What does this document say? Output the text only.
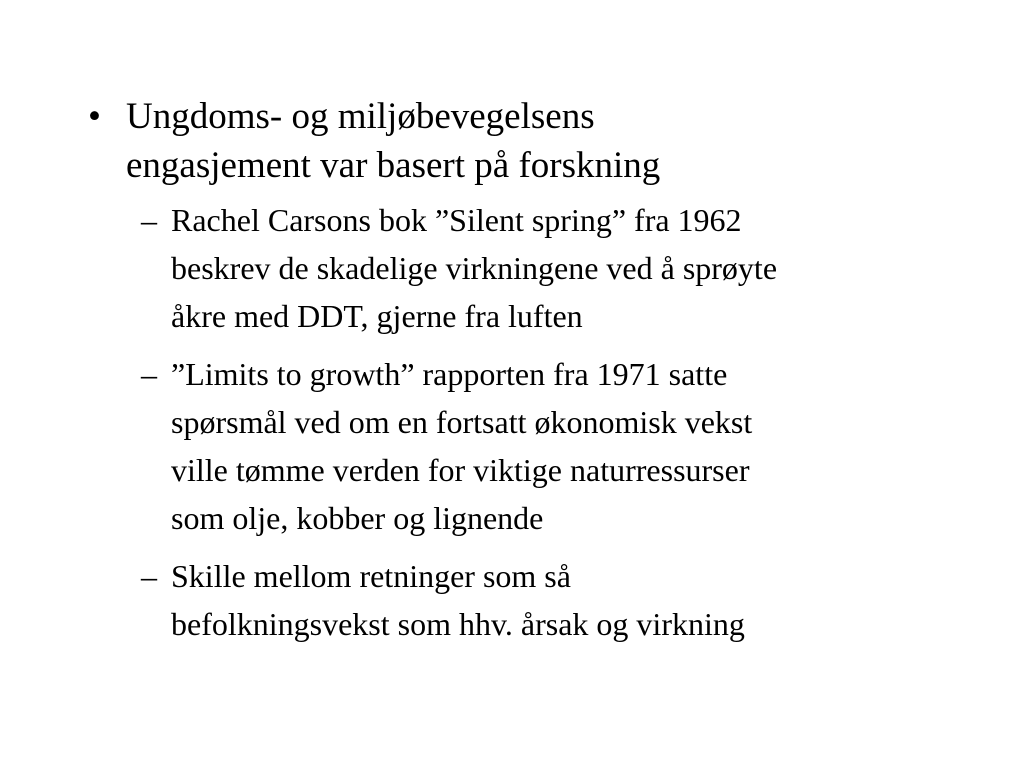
• Ungdoms- og miljøbevegelsens
engasjement var basert på forskning
– Rachel Carsons bok ”Silent spring” fra 1962
beskrev de skadelige virkningene ved å sprøyte
åkre med DDT, gjerne fra luften
– ”Limits to growth” rapporten fra 1971 satte
spørsmål ved om en fortsatt økonomisk vekst
ville tømme verden for viktige naturressurser
som olje, kobber og lignende
– Skille mellom retninger som så
befolkningsvekst som hhv. årsak og virkning
